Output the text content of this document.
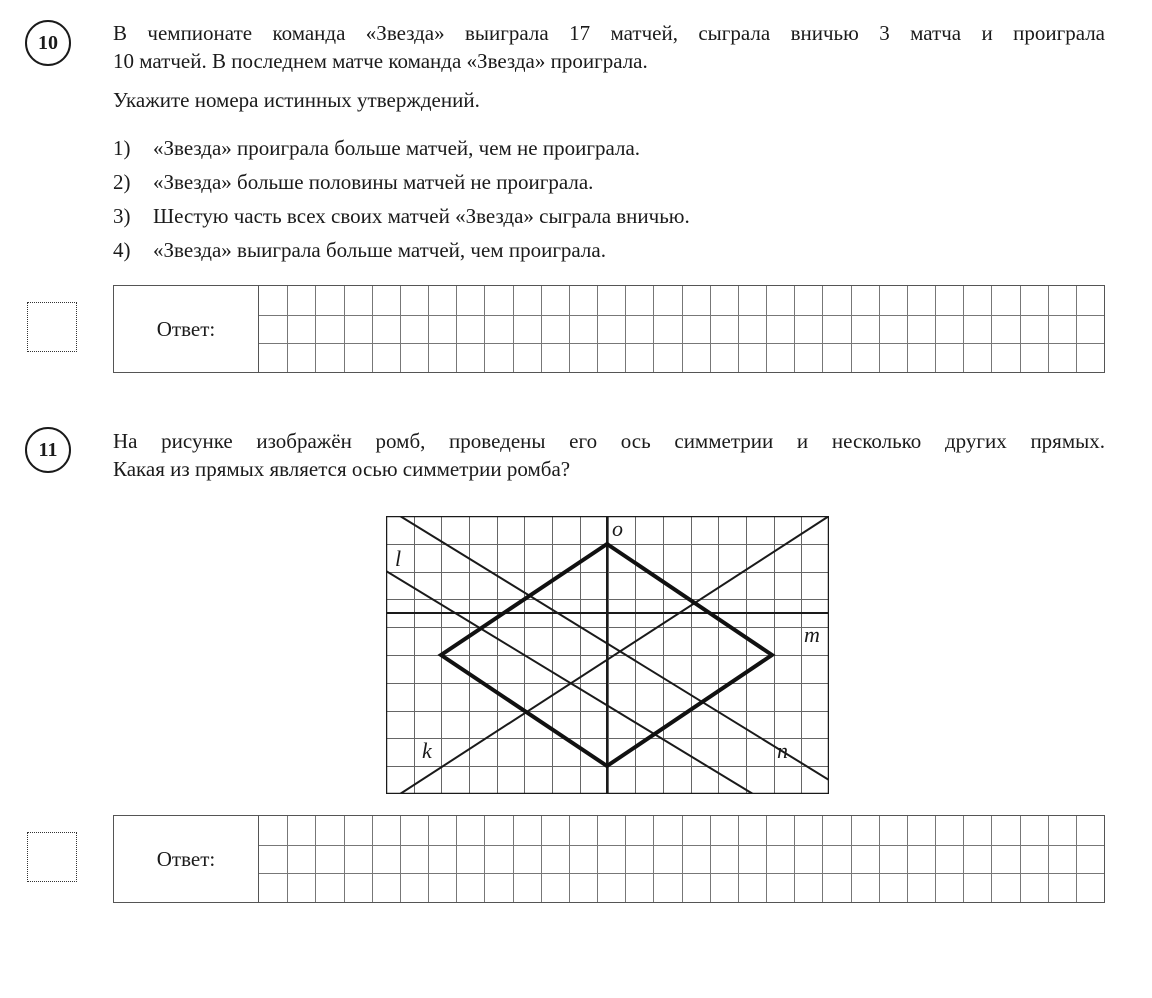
10	В чемпионате команда «Звезда» выиграла 17 матчей, сыграла вничью 3 матча и проиграла
10 матчей. В последнем матче команда «Звезда» проиграла.
Укажите номера истинных утверждений.
1) «Звезда» проиграла больше матчей, чем не проиграла.
2) «Звезда» больше половины матчей не проиграла.
3) Шестую часть всех своих матчей «Звезда» сыграла вничью.
4) «Звезда» выиграла больше матчей, чем проиграла.
Ответ:
11	На рисунке изображён ромб, проведены его ось симметрии и несколько других прямых.
Какая из прямых является осью симметрии ромба?
o
l
m
k	n
Ответ:
